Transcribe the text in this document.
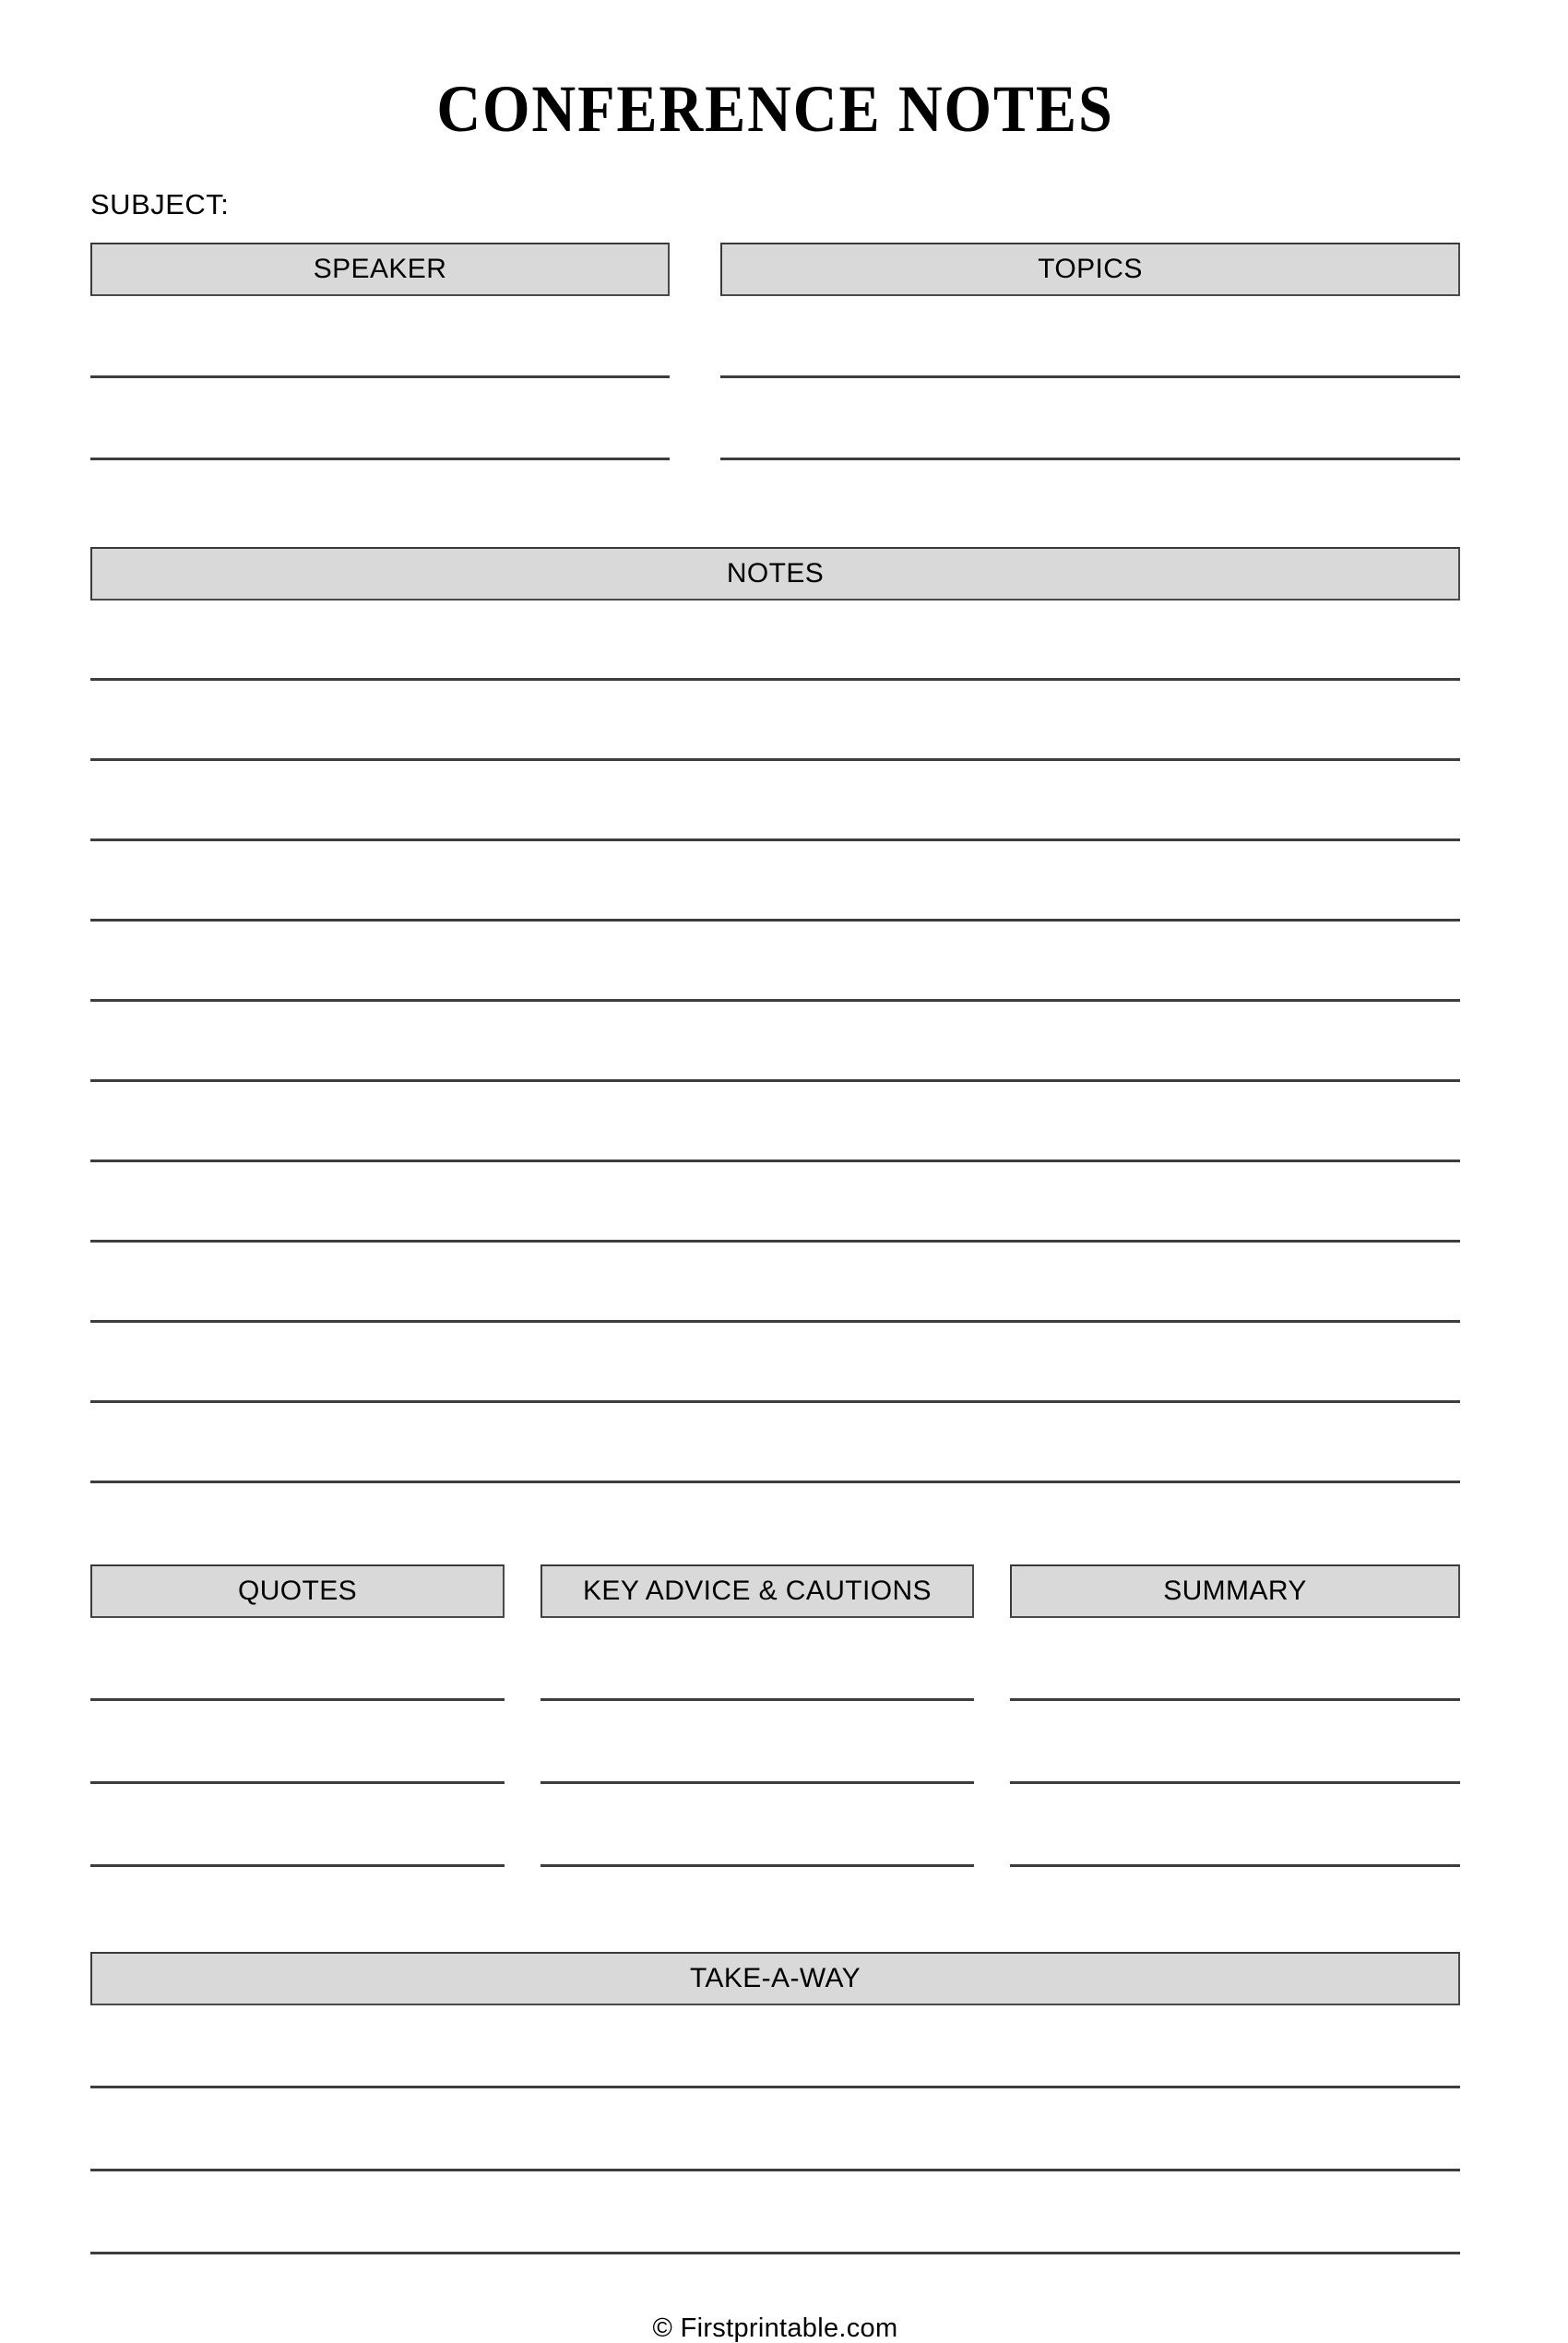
CONFERENCE NOTES
SUBJECT:
SPEAKER	TOPICS
NOTES
QUOTES	KEY ADVICE & CAUTIONS	SUMMARY
TAKE-A-WAY
© Firstprintable.com
